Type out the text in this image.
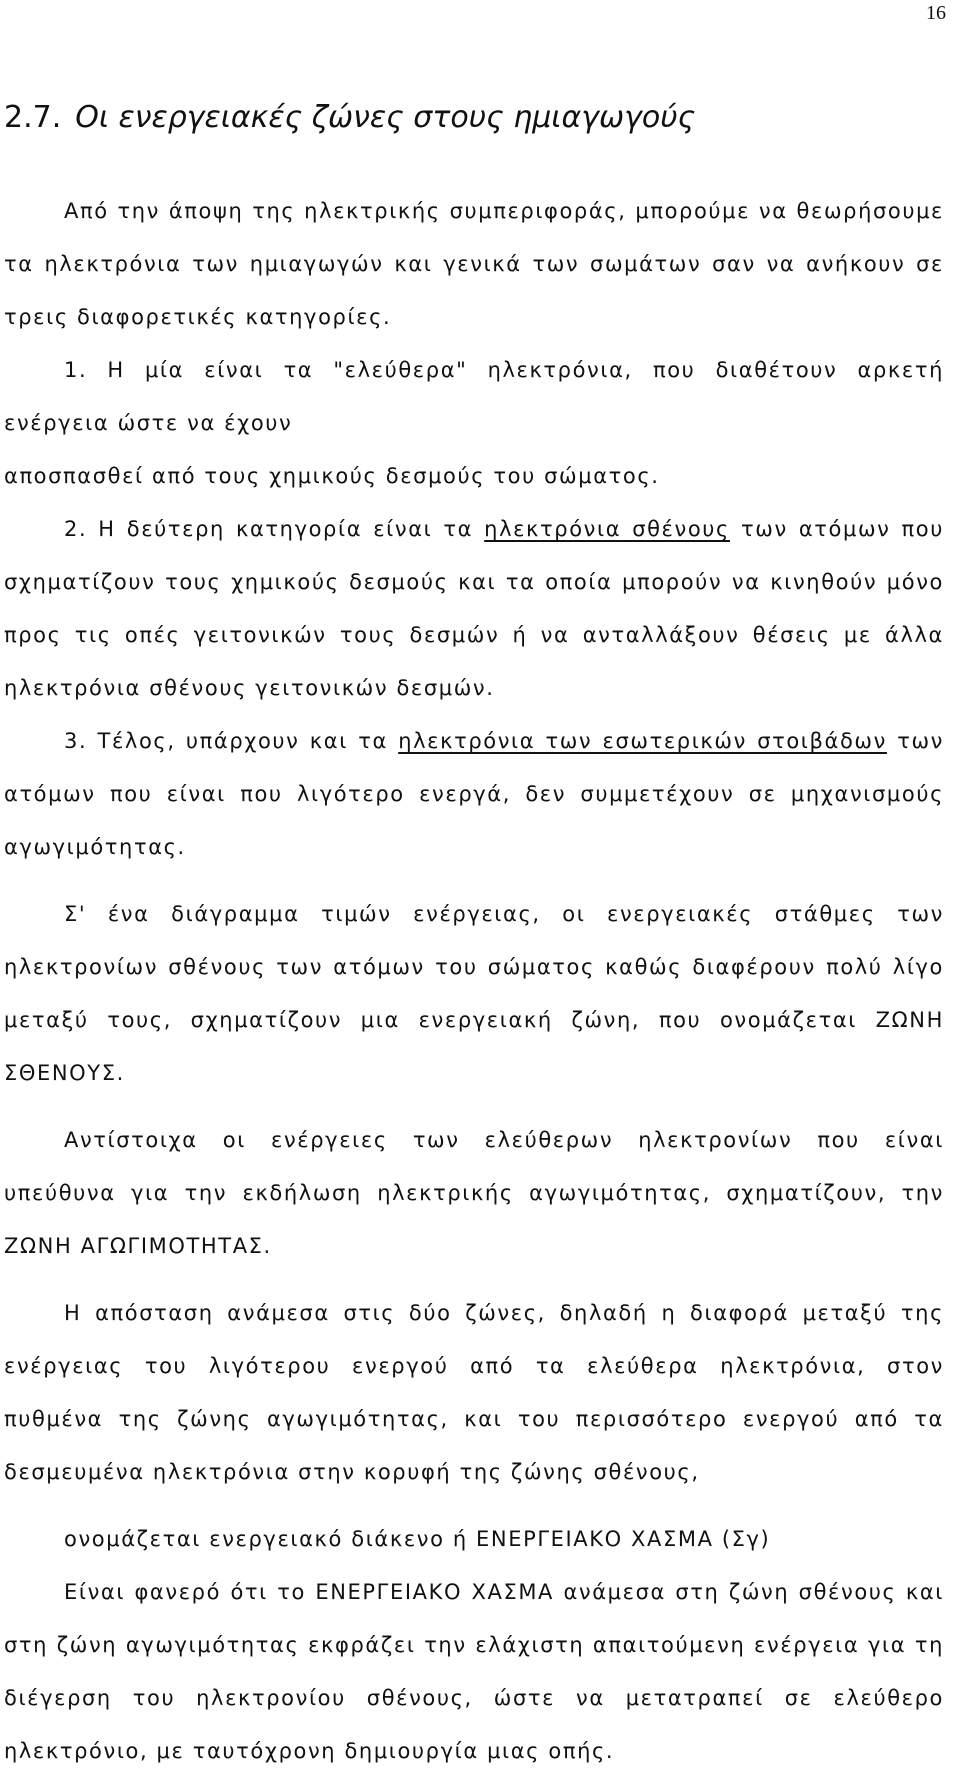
16
2.7. Οι ενεργειακές ζώνες στους ημιαγωγούς

Από την άποψη της ηλεκτρικής συμπεριφοράς, μπορούμε να θεωρήσουμε τα ηλεκτρόνια των ημιαγωγών και γενικά των σωμάτων σαν να ανήκουν σε τρεις διαφορετικές κατηγορίες.

1. Η μία είναι τα "ελεύθερα" ηλεκτρόνια, που διαθέτουν αρκετή ενέργεια ώστε να έχουν

αποσπασθεί από τους χημικούς δεσμούς του σώματος.

2. Η δεύτερη κατηγορία είναι τα ηλεκτρόνια σθένους των ατόμων που σχηματίζουν τους χημικούς δεσμούς και τα οποία μπορούν να κινηθούν μόνο προς τις οπές γειτονικών τους δεσμών ή να ανταλλάξουν θέσεις με άλλα ηλεκτρόνια σθένους γειτονικών δεσμών.

3. Τέλος, υπάρχουν και τα ηλεκτρόνια των εσωτερικών στοιβάδων των ατόμων που είναι που λιγότερο ενεργά, δεν συμμετέχουν σε μηχανισμούς αγωγιμότητας.

Σ' ένα διάγραμμα τιμών ενέργειας, οι ενεργειακές στάθμες των ηλεκτρονίων σθένους των ατόμων του σώματος καθώς διαφέρουν πολύ λίγο μεταξύ τους, σχηματίζουν μια ενεργειακή ζώνη, που ονομάζεται ΖΩΝΗ ΣΘΕΝΟΥΣ.

Αντίστοιχα οι ενέργειες των ελεύθερων ηλεκτρονίων που είναι υπεύθυνα για την εκδήλωση ηλεκτρικής αγωγιμότητας, σχηματίζουν, την ΖΩΝΗ ΑΓΩΓΙΜΟΤΗΤΑΣ.

Η απόσταση ανάμεσα στις δύο ζώνες, δηλαδή η διαφορά μεταξύ της ενέργειας του λιγότερου ενεργού από τα ελεύθερα ηλεκτρόνια, στον πυθμένα της ζώνης αγωγιμότητας, και του περισσότερο ενεργού από τα δεσμευμένα ηλεκτρόνια στην κορυφή της ζώνης σθένους,

ονομάζεται ενεργειακό διάκενο ή ΕΝΕΡΓΕΙΑΚΟ ΧΑΣΜΑ (Σγ)

Είναι φανερό ότι το ΕΝΕΡΓΕΙΑΚΟ ΧΑΣΜΑ ανάμεσα στη ζώνη σθένους και στη ζώνη αγωγιμότητας εκφράζει την ελάχιστη απαιτούμενη ενέργεια για τη διέγερση του ηλεκτρονίου σθένους, ώστε να μετατραπεί σε ελεύθερο ηλεκτρόνιο, με ταυτόχρονη δημιουργία μιας οπής.
